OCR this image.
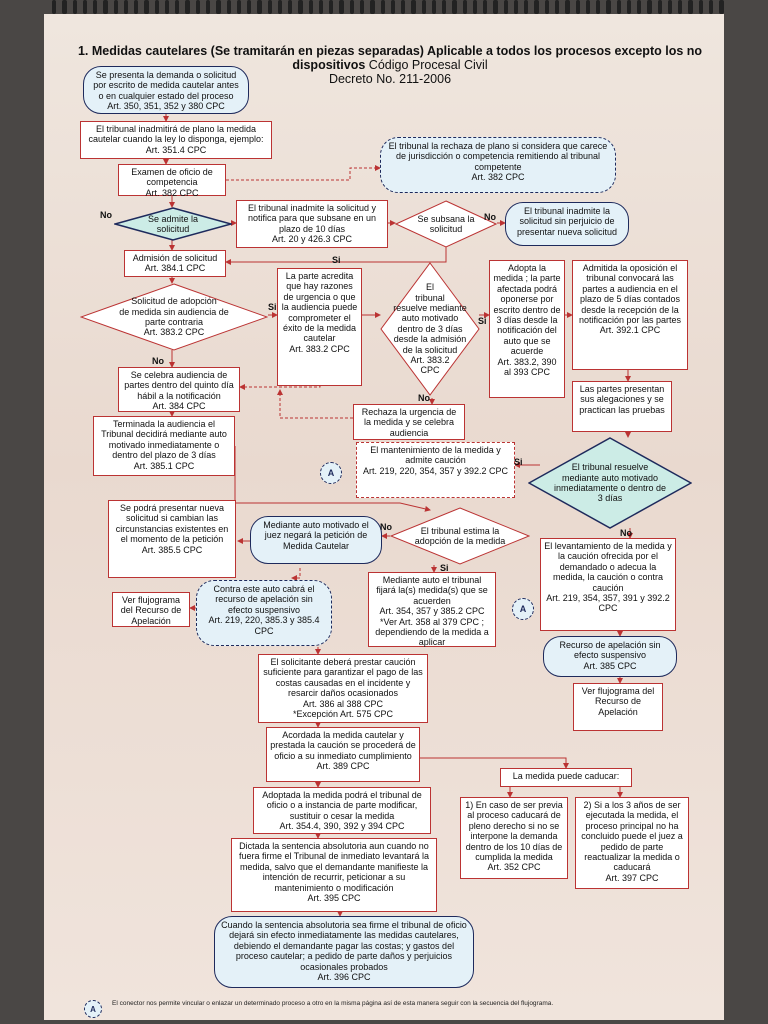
1. Medidas cautelares (Se tramitarán en piezas separadas) Aplicable a todos los procesos excepto los no dispositivos Código Procesal Civil
Decreto No. 211-2006
Se presenta la demanda o solicitud por escrito de medida cautelar antes o en cualquier estado del proceso
Art. 350, 351, 352 y 380 CPC
El tribunal inadmitirá de plano la medida cautelar cuando la ley lo disponga, ejemplo: Art. 351.4 CPC
Examen de oficio de competencia
Art. 382 CPC
El tribunal la rechaza de plano si considera que carece de jurisdicción o competencia remitiendo al tribunal competente
Art. 382 CPC
Se admite la
solicitud
El tribunal inadmite la solicitud y notifica para que subsane en un plazo de 10 días
Art. 20 y 426.3 CPC
Se subsana la
solicitud
El tribunal inadmite la solicitud sin perjuicio de presentar nueva solicitud
Admisión de solicitud
Art. 384.1 CPC
Solicitud de adopción
de medida sin audiencia de
parte contraria
Art. 383.2 CPC
La parte acredita que hay razones de urgencia o que la audiencia puede comprometer el éxito de la medida cautelar
Art. 383.2 CPC
El
tribunal
resuelve mediante
auto motivado
dentro de 3 días
desde la admisión
de la solicitud
Art. 383.2
CPC
Adopta la medida ; la parte afectada podrá oponerse por escrito dentro de 3 días desde la notificación del auto que se acuerde
Art. 383.2, 390 al 393 CPC
Admitida la oposición el tribunal convocará las partes a audiencia en el plazo de 5 días contados desde la recepción de la notificación por las partes
Art. 392.1 CPC
Las partes presentan sus alegaciones y se practican las pruebas
Se celebra audiencia de partes dentro del quinto día hábil a la notificación
Art. 384 CPC
Rechaza la urgencia de la medida y se celebra audiencia
Terminada la audiencia el Tribunal decidirá mediante auto motivado inmediatamente o dentro del plazo de 3 días
Art. 385.1 CPC
El mantenimiento de la medida y admite caución
Art. 219, 220, 354, 357 y 392.2 CPC	El tribunal resuelve
mediante auto motivado
inmediatamente o dentro de
3 días
A
Se podrá presentar nueva solicitud si cambian las circunstancias existentes en el momento de la petición
Art. 385.5 CPC
Mediante auto motivado el juez negará la petición de Medida Cautelar
El tribunal estima la
adopción de la medida	El levantamiento de la medida y la caución ofrecida por el demandado o adecua la medida, la caución o contra caución
Art. 219, 354, 357, 391 y 392.2 CPC
Ver flujograma del Recurso de Apelación
Contra este auto cabrá el recurso de apelación sin efecto suspensivo
Art. 219, 220, 385.3 y 385.4 CPC
Mediante auto el tribunal fijará la(s) medida(s) que se acuerden
Art. 354, 357 y 385.2 CPC
*Ver Art. 358 al 379 CPC ; dependiendo de la medida a aplicar
A
Recurso de apelación sin efecto suspensivo
Art. 385 CPC
Ver flujograma del Recurso de Apelación
El solicitante deberá prestar caución suficiente para garantizar el pago de las costas causadas en el incidente y resarcir daños ocasionados
Art. 386 al 388 CPC
*Excepción Art. 575 CPC
Acordada la medida cautelar y prestada la caución se procederá de oficio a su inmediato cumplimiento
Art. 389 CPC
La medida puede caducar:
Adoptada la medida podrá el tribunal de oficio o a instancia de parte modificar, sustituir o cesar la medida
Art. 354.4, 390, 392 y 394 CPC
1) En caso de ser previa al proceso caducará de pleno derecho si no se interpone la demanda dentro de los 10 días de cumplida la medida
Art. 352 CPC
2) Si a los 3 años de ser ejecutada la medida, el proceso principal no ha concluido puede el juez a pedido de parte reactualizar la medida o caducará
Art. 397 CPC
Dictada la sentencia absolutoria aun cuando no fuera firme el Tribunal de inmediato levantará la medida, salvo que el demandante manifieste la intención de recurrir, peticionar a su mantenimiento o modificación
Art. 395 CPC
Cuando la sentencia absolutoria sea firme el tribunal de oficio dejará sin efecto inmediatamente las medidas cautelares, debiendo el demandante pagar las costas; y gastos del proceso cautelar; a pedido de parte daños y perjuicios ocasionales probados
Art. 396 CPC
Si
No
No
Si
Si
No
No
Si
No
No
Si
A
El conector nos permite vincular o enlazar un determinado proceso a otro en la misma página así de esta manera seguir con la secuencia del flujograma.
